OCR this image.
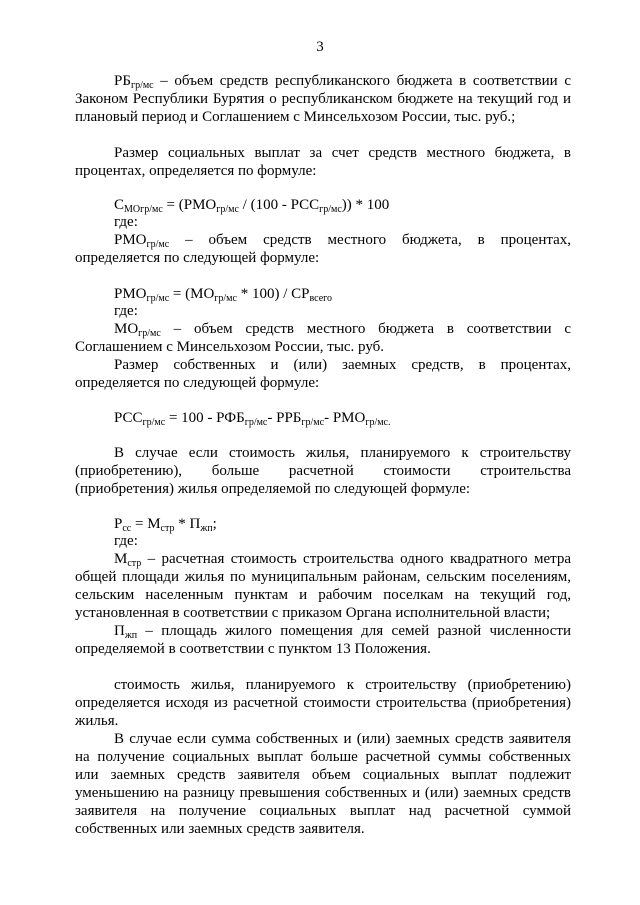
3
$РБ_{гр/мс}$ – объем средств республиканского бюджета в соответствии с
Законом Республики Бурятия о республиканском бюджете на текущий год и
плановый период и Соглашением с Минсельхозом России, тыс. руб.;
Размер социальных выплат за счет средств местного бюджета, в
процентах, определяется по формуле:
$С_{МОгр/мс} = (РМО_{гр/мс} / (100 - РСС_{гр/мс})) * 100$
где:
$РМО_{гр/мс}$ – объем средств местного бюджета, в процентах,
определяется по следующей формуле:
$РМО_{гр/мс} = (МО_{гр/мс} * 100) / СР_{всего}$
где:
$МО_{гр/мс}$ – объем средств местного бюджета в соответствии с
Соглашением с Минсельхозом России, тыс. руб.
Размер собственных и (или) заемных средств, в процентах,
определяется по следующей формуле:
$РСС_{гр/мс} = 100 - РФБ_{гр/мс}-$ $РРБ_{гр/мс}-$ $РМО_{гр/мс.}$
В случае если стоимость жилья, планируемого к строительству
(приобретению), больше расчетной стоимости строительства
(приобретения) жилья определяемой по следующей формуле:
$Р_{сс} = М_{стр} * П_{жп}$;
где:
$М_{стр}$ – расчетная стоимость строительства одного квадратного метра
общей площади жилья по муниципальным районам, сельским поселениям,
сельским населенным пунктам и рабочим поселкам на текущий год,
установленная в соответствии с приказом Органа исполнительной власти;
$П_{жп}$ – площадь жилого помещения для семей разной численности
определяемой в соответствии с пунктом 13 Положения.
стоимость жилья, планируемого к строительству (приобретению)
определяется исходя из расчетной стоимости строительства (приобретения)
жилья.
В случае если сумма собственных и (или) заемных средств заявителя
на получение социальных выплат больше расчетной суммы собственных
или заемных средств заявителя объем социальных выплат подлежит
уменьшению на разницу превышения собственных и (или) заемных средств
заявителя на получение социальных выплат над расчетной суммой
собственных или заемных средств заявителя.
